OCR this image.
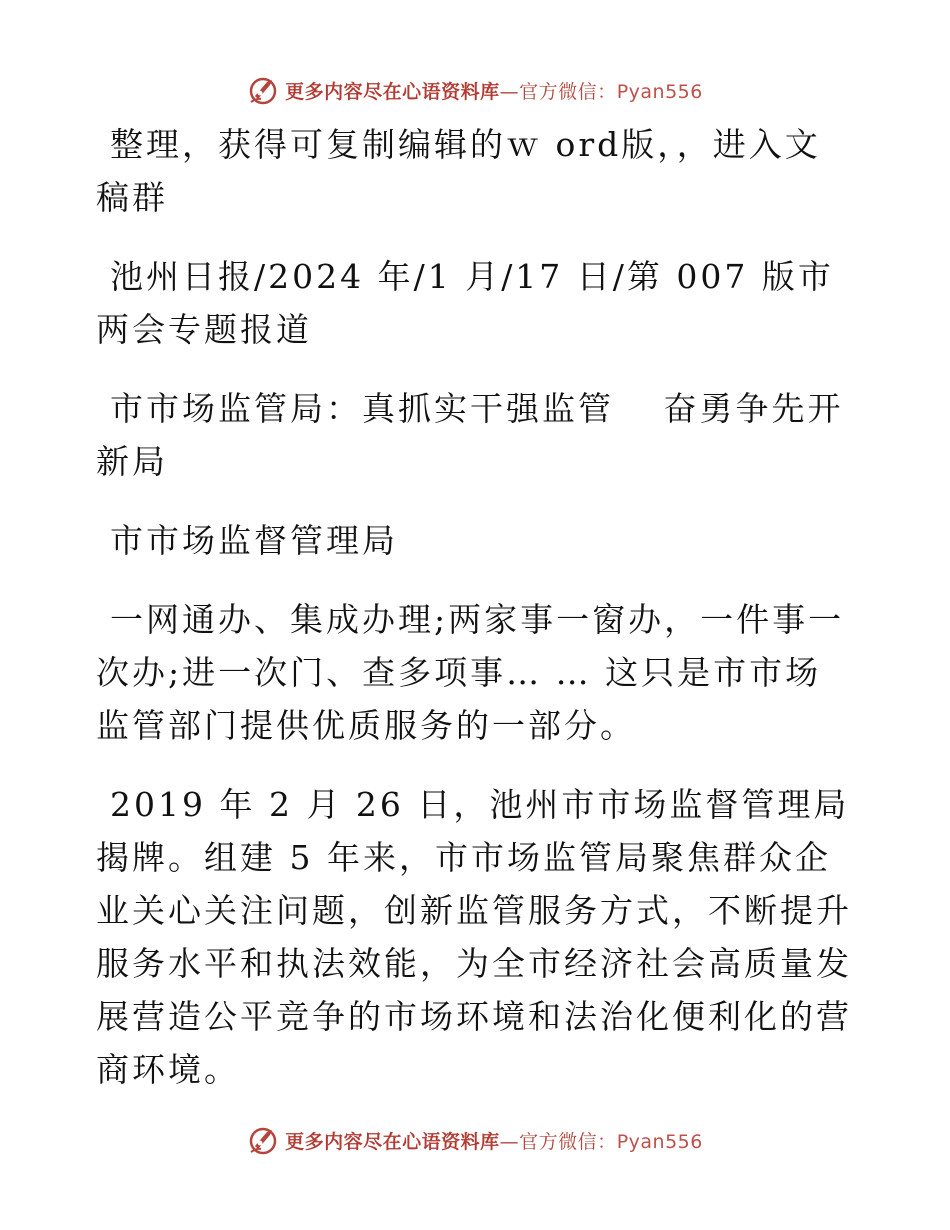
更多内容尽在心语资料库—官方微信：Pyan556

整理，获得可复制编辑的ｗ ord版，，进入文稿群

池州日报/2024 年/1 月/17 日/第 007 版市两会专题报道

市市场监管局：真抓实干强监管　 奋勇争先开新局

市市场监督管理局

一网通办、集成办理;两家事一窗办，一件事一次办;进一次门、查多项事… … 这只是市市场监管部门提供优质服务的一部分。

2019 年 2 月 26 日，池州市市场监督管理局揭牌。组建 5 年来，市市场监管局聚焦群众企业关心关注问题，创新监管服务方式，不断提升服务水平和执法效能，为全市经济社会高质量发展营造公平竞争的市场环境和法治化便利化的营商环境。

更多内容尽在心语资料库—官方微信：Pyan556
